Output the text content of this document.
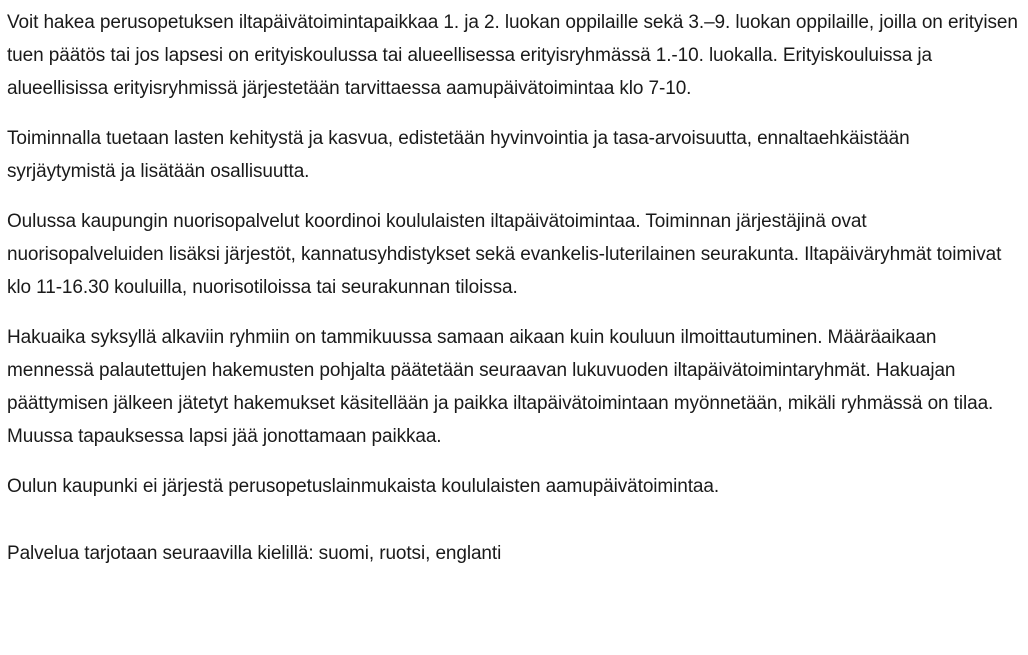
Voit hakea perusopetuksen iltapäivätoimintapaikkaa 1. ja 2. luokan oppilaille sekä 3.–9. luokan oppilaille, joilla on erityisen tuen päätös tai jos lapsesi on erityiskoulussa tai alueellisessa erityisryhmässä 1.-10. luokalla. Erityiskouluissa ja alueellisissa erityisryhmissä järjestetään tarvittaessa aamupäivätoimintaa klo 7-10.

Toiminnalla tuetaan lasten kehitystä ja kasvua, edistetään hyvinvointia ja tasa-arvoisuutta, ennaltaehkäistään syrjäytymistä ja lisätään osallisuutta.

Oulussa kaupungin nuorisopalvelut koordinoi koululaisten iltapäivätoimintaa. Toiminnan järjestäjinä ovat nuorisopalveluiden lisäksi järjestöt, kannatusyhdistykset sekä evankelis-luterilainen seurakunta. Iltapäiväryhmät toimivat klo 11-16.30 kouluilla, nuorisotiloissa tai seurakunnan tiloissa.

Hakuaika syksyllä alkaviin ryhmiin on tammikuussa samaan aikaan kuin kouluun ilmoittautuminen. Määräaikaan mennessä palautettujen hakemusten pohjalta päätetään seuraavan lukuvuoden iltapäivätoimintaryhmät. Hakuajan päättymisen jälkeen jätetyt hakemukset käsitellään ja paikka iltapäivätoimintaan myönnetään, mikäli ryhmässä on tilaa. Muussa tapauksessa lapsi jää jonottamaan paikkaa.

Oulun kaupunki ei järjestä perusopetuslainmukaista koululaisten aamupäivätoimintaa.

Palvelua tarjotaan seuraavilla kielillä: suomi, ruotsi, englanti
